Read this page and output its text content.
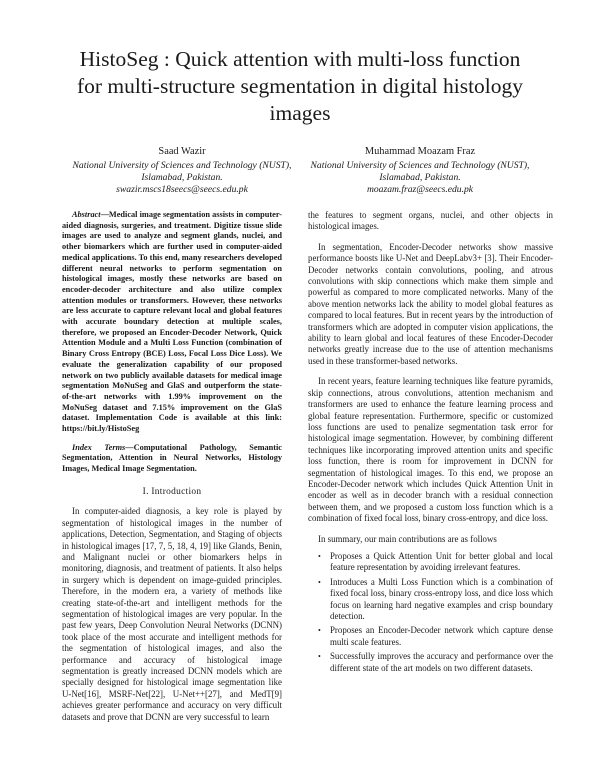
HistoSeg : Quick attention with multi-loss function
for multi-structure segmentation in digital histology
images
Saad Wazir
National University of Sciences and Technology (NUST),
Islamabad, Pakistan.
swazir.mscs18seecs@seecs.edu.pk
Muhammad Moazam Fraz
National University of Sciences and Technology (NUST),
Islamabad, Pakistan.
moazam.fraz@seecs.edu.pk

Abstract—Medical image segmentation assists in computer-aided diagnosis, surgeries, and treatment. Digitize tissue slide images are used to analyze and segment glands, nuclei, and other biomarkers which are further used in computer-aided medical applications. To this end, many researchers developed different neural networks to perform segmentation on histological images, mostly these networks are based on encoder-decoder architecture and also utilize complex attention modules or transformers. However, these networks are less accurate to capture relevant local and global features with accurate boundary detection at multiple scales, therefore, we proposed an Encoder-Decoder Network, Quick Attention Module and a Multi Loss Function (combination of Binary Cross Entropy (BCE) Loss, Focal Loss Dice Loss). We evaluate the generalization capability of our proposed network on two publicly available datasets for medical image segmentation MoNuSeg and GlaS and outperform the state-of-the-art networks with 1.99% improvement on the MoNuSeg dataset and 7.15% improvement on the GlaS dataset. Implementation Code is available at this link: https://bit.ly/HistoSeg

Index Terms—Computational Pathology, Semantic Segmentation, Attention in Neural Networks, Histology Images, Medical Image Segmentation.

I. Introduction

In computer-aided diagnosis, a key role is played by segmentation of histological images in the number of applications, Detection, Segmentation, and Staging of objects in histological images [17, 7, 5, 18, 4, 19] like Glands, Benin, and Malignant nuclei or other biomarkers helps in monitoring, diagnosis, and treatment of patients. It also helps in surgery which is dependent on image-guided principles. Therefore, in the modern era, a variety of methods like creating state-of-the-art and intelligent methods for the segmentation of histological images are very popular. In the past few years, Deep Convolution Neural Networks (DCNN) took place of the most accurate and intelligent methods for the segmentation of histological images, and also the performance and accuracy of histological image segmentation is greatly increased DCNN models which are specially designed for histological image segmentation like U-Net[16], MSRF-Net[22], U-Net++[27], and MedT[9] achieves greater performance and accuracy on very difficult datasets and prove that DCNN are very successful to learn

the features to segment organs, nuclei, and other objects in histological images.

In segmentation, Encoder-Decoder networks show massive performance boosts like U-Net and DeepLabv3+ [3]. Their Encoder-Decoder networks contain convolutions, pooling, and atrous convolutions with skip connections which make them simple and powerful as compared to more complicated networks. Many of the above mention networks lack the ability to model global features as compared to local features. But in recent years by the introduction of transformers which are adopted in computer vision applications, the ability to learn global and local features of these Encoder-Decoder networks greatly increase due to the use of attention mechanisms used in these transformer-based networks.

In recent years, feature learning techniques like feature pyramids, skip connections, atrous convolutions, attention mechanism and transformers are used to enhance the feature learning process and global feature representation. Furthermore, specific or customized loss functions are used to penalize segmentation task error for histological image segmentation. However, by combining different techniques like incorporating improved attention units and specific loss function, there is room for improvement in DCNN for segmentation of histological images. To this end, we propose an Encoder-Decoder network which includes Quick Attention Unit in encoder as well as in decoder branch with a residual connection between them, and we proposed a custom loss function which is a combination of fixed focal loss, binary cross-entropy, and dice loss.

In summary, our main contributions are as follows

• Proposes a Quick Attention Unit for better global and local feature representation by avoiding irrelevant features.
• Introduces a Multi Loss Function which is a combination of fixed focal loss, binary cross-entropy loss, and dice loss which focus on learning hard negative examples and crisp boundary detection.
• Proposes an Encoder-Decoder network which capture dense multi scale features.
• Successfully improves the accuracy and performance over the different state of the art models on two different datasets.
